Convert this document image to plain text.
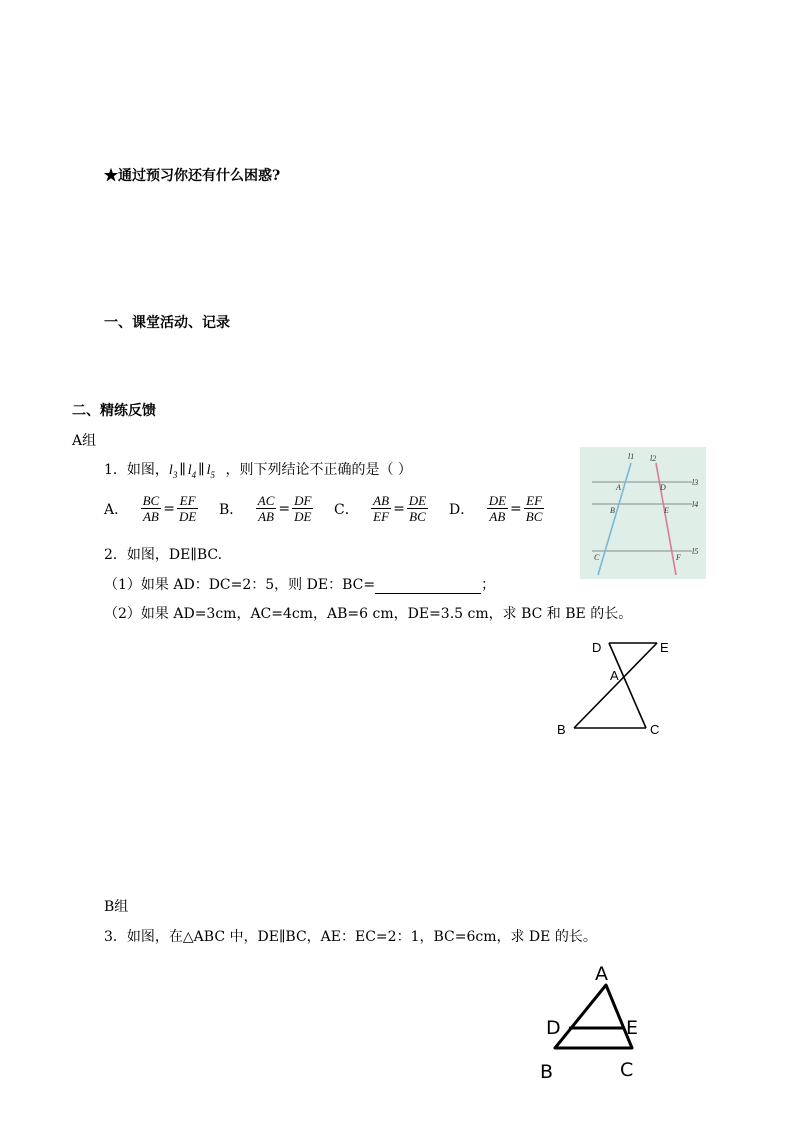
★通过预习你还有什么困惑?
一、课堂活动、记录
二、精练反馈
A组
1．如图，$l_3$ ∥ $l_4$ ∥ $l_5$ ，则下列结论不正确的是（ ）
A． $\frac{BC}{AB} = \frac{EF}{DE}$ B． $\frac{AC}{AB} = \frac{DF}{DE}$ C． $\frac{AB}{EF} = \frac{DE}{BC}$ D． $\frac{DE}{AB} = \frac{EF}{BC}$
l1 l2
l3
l4
l5
A
B
C
D
E
F
2．如图，DE∥BC.
（1）如果 AD：DC=2：5，则 DE：BC=	；
（2）如果 AD=3cm，AC=4cm，AB=6 cm，DE=3.5 cm，求 BC 和 BE 的长。
D	E
A
B	C
B组
3．如图，在△ABC 中，DE∥BC，AE：EC=2：1，BC=6cm，求 DE 的长。
A
D	E
B	C
